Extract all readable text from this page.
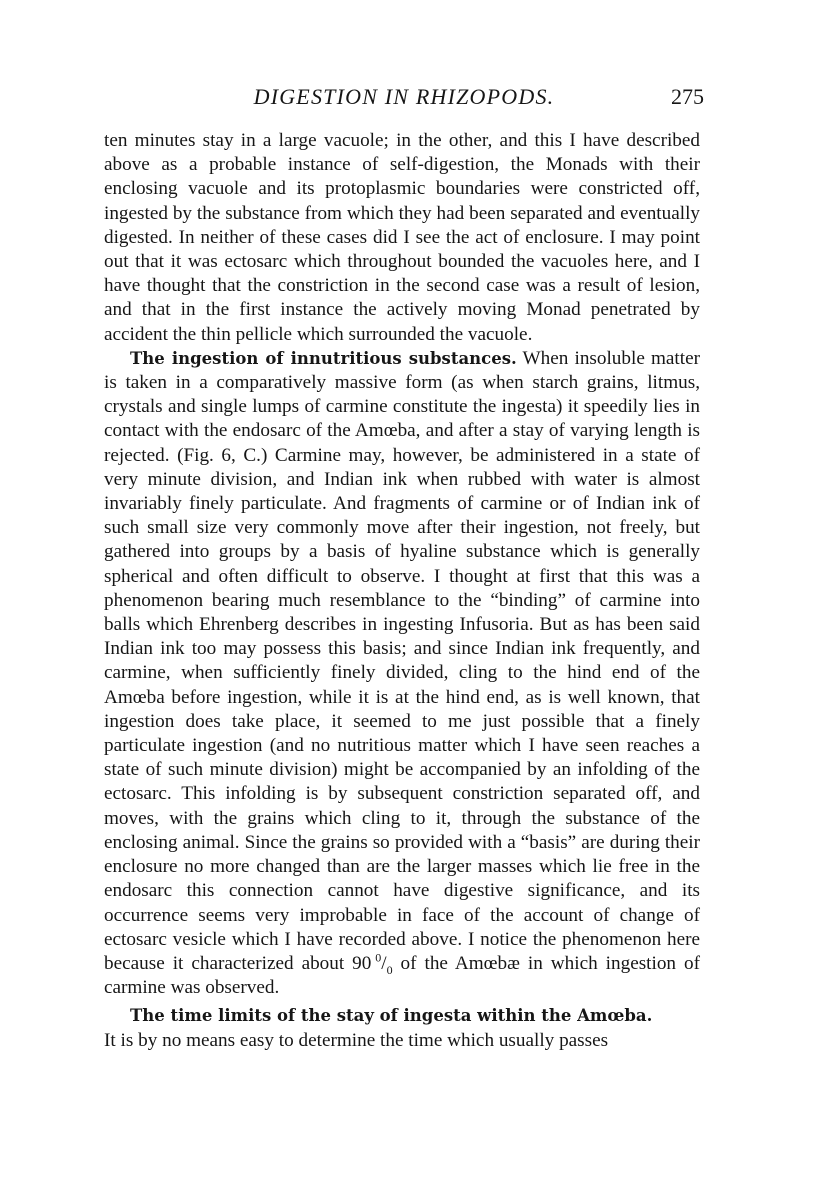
DIGESTION IN RHIZOPODS.	275

ten minutes stay in a large vacuole; in the other, and this I have described above as a probable instance of self-digestion, the Monads with their enclosing vacuole and its protoplasmic boundaries were constricted off, ingested by the substance from which they had been separated and eventually digested. In neither of these cases did I see the act of enclosure. I may point out that it was ectosarc which throughout bounded the vacuoles here, and I have thought that the constriction in the second case was a result of lesion, and that in the first instance the actively moving Monad penetrated by accident the thin pellicle which surrounded the vacuole.

The ingestion of innutritious substances. When insoluble matter is taken in a comparatively massive form (as when starch grains, litmus, crystals and single lumps of carmine constitute the ingesta) it speedily lies in contact with the endosarc of the Amœba, and after a stay of varying length is rejected. (Fig. 6, C.) Carmine may, however, be administered in a state of very minute division, and Indian ink when rubbed with water is almost invariably finely particulate. And fragments of carmine or of Indian ink of such small size very commonly move after their ingestion, not freely, but gathered into groups by a basis of hyaline substance which is generally spherical and often difficult to observe. I thought at first that this was a phenomenon bearing much resemblance to the “binding” of carmine into balls which Ehrenberg describes in ingesting Infusoria. But as has been said Indian ink too may possess this basis; and since Indian ink frequently, and carmine, when sufficiently finely divided, cling to the hind end of the Amœba before ingestion, while it is at the hind end, as is well known, that ingestion does take place, it seemed to me just possible that a finely particulate ingestion (and no nutritious matter which I have seen reaches a state of such minute division) might be accompanied by an infolding of the ectosarc. This infolding is by subsequent constriction separated off, and moves, with the grains which cling to it, through the substance of the enclosing animal. Since the grains so provided with a “basis” are during their enclosure no more changed than are the larger masses which lie free in the endosarc this connection cannot have digestive significance, and its occurrence seems very improbable in face of the account of change of ectosarc vesicle which I have recorded above. I notice the phenomenon here because it characterized about 90  $^0/_0$ of the Amœbæ in which ingestion of carmine was observed.

The time limits of the stay of ingesta within the Amœba.
It is by no means easy to determine the time which usually passes
